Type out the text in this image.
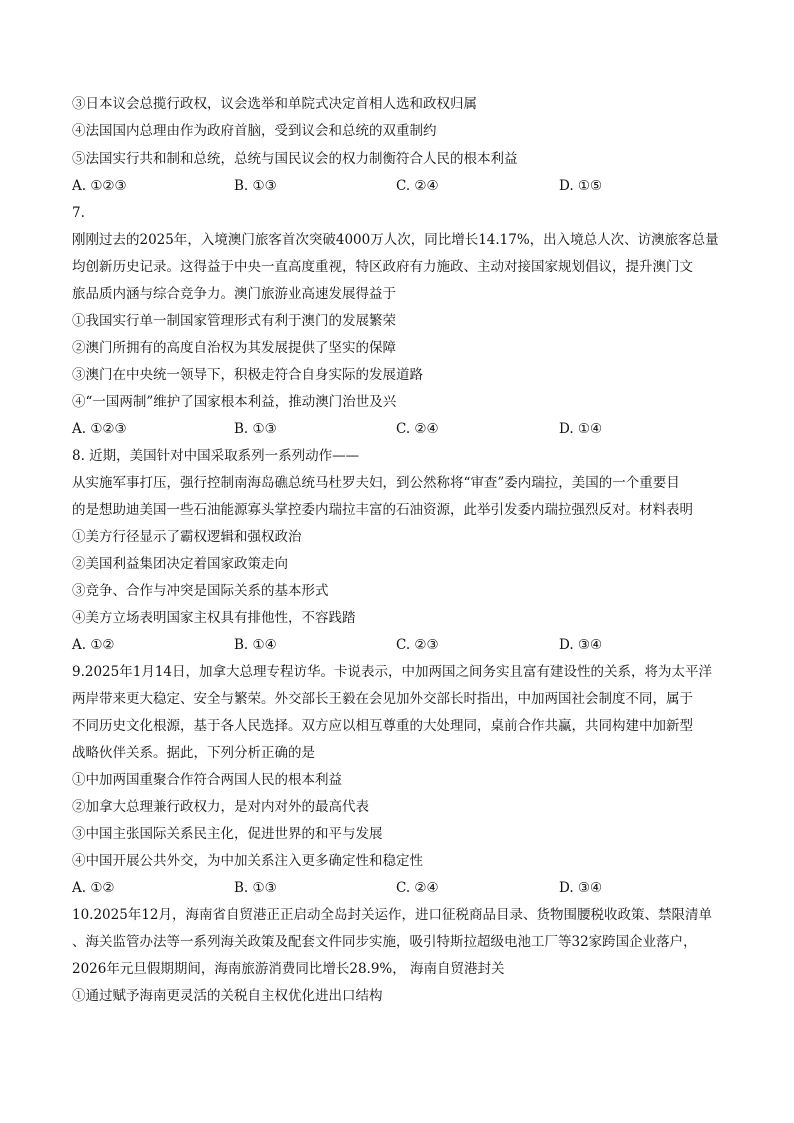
③日本议会总揽行政权，议会选举和单院式决定首相人选和政权归属
④法国国内总理由作为政府首脑，受到议会和总统的双重制约
⑤法国实行共和制和总统，总统与国民议会的权力制衡符合人民的根本利益
A. ①②③	B. ①③	C. ②④	D. ①⑤
7.
刚刚过去的2025年，入境澳门旅客首次突破4000万人次，同比增长14.17%，出入境总人次、访澳旅客总量
均创新历史记录。这得益于中央一直高度重视，特区政府有力施政、主动对接国家规划倡议，提升澳门文
旅品质内涵与综合竞争力。澳门旅游业高速发展得益于
①我国实行单一制国家管理形式有利于澳门的发展繁荣
②澳门所拥有的高度自治权为其发展提供了坚实的保障
③澳门在中央统一领导下，积极走符合自身实际的发展道路
④“一国两制”维护了国家根本利益，推动澳门治世及兴
A. ①②③	B. ①③	C. ②④	D. ①④
8. 近期，美国针对中国采取系列一系列动作——
从实施军事打压，强行控制南海岛礁总统马杜罗夫妇，到公然称将“审查”委内瑞拉，美国的一个重要目
的是想助迪美国一些石油能源寡头掌控委内瑞拉丰富的石油资源，此举引发委内瑞拉强烈反对。材料表明
①美方行径显示了霸权逻辑和强权政治
②美国利益集团决定着国家政策走向
③竞争、合作与冲突是国际关系的基本形式
④美方立场表明国家主权具有排他性，不容践踏
A. ①②	B. ①④	C. ②③	D. ③④
9.2025年1月14日，加拿大总理专程访华。卡说表示，中加两国之间务实且富有建设性的关系，将为太平洋
两岸带来更大稳定、安全与繁荣。外交部长王毅在会见加外交部长时指出，中加两国社会制度不同，属于
不同历史文化根源，基于各人民选择。双方应以相互尊重的大处理同，桌前合作共赢，共同构建中加新型
战略伙伴关系。据此，下列分析正确的是
①中加两国重聚合作符合两国人民的根本利益
②加拿大总理兼行政权力，是对内对外的最高代表
③中国主张国际关系民主化，促进世界的和平与发展
④中国开展公共外交，为中加关系注入更多确定性和稳定性
A. ①②	B. ①③	C. ②④	D. ③④
10.2025年12月，海南省自贸港正正启动全岛封关运作，进口征税商品目录、货物围腰税收政策、禁限清单
、海关监管办法等一系列海关政策及配套文件同步实施，吸引特斯拉超级电池工厂等32家跨国企业落户，
2026年元旦假期期间，海南旅游消费同比增长28.9%， 海南自贸港封关
①通过赋予海南更灵活的关税自主权优化进出口结构
